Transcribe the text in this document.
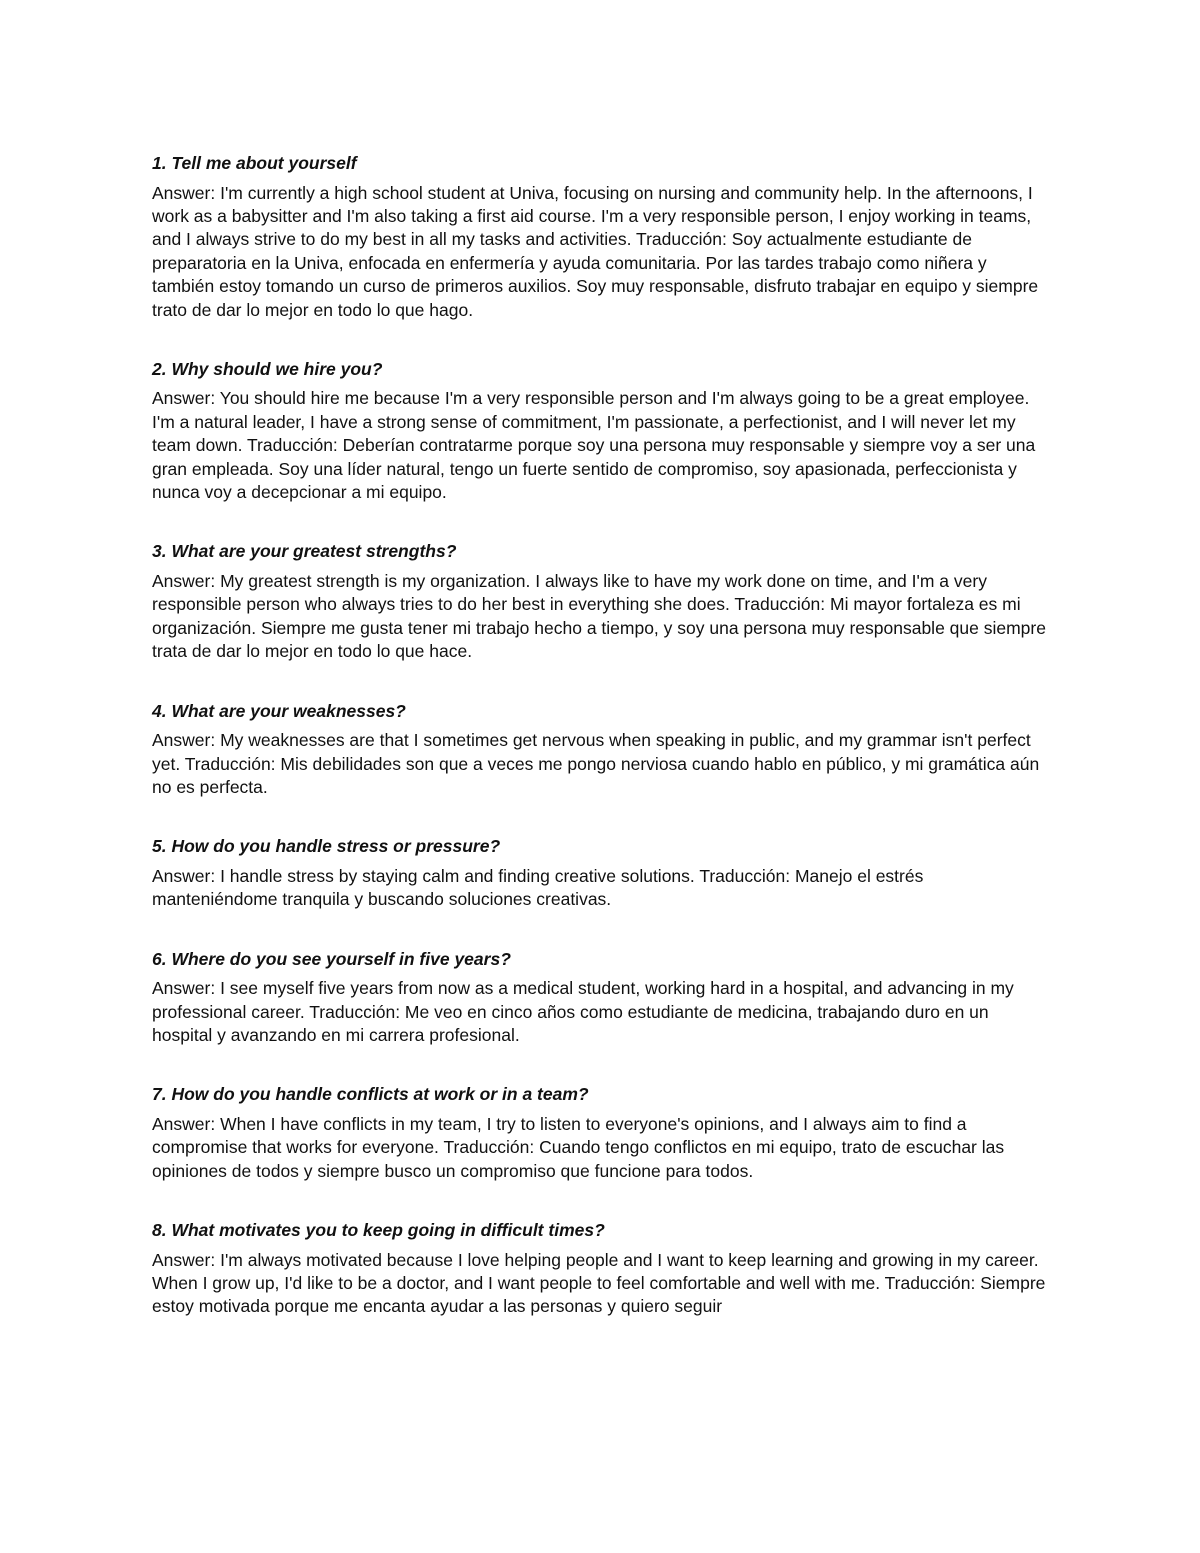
1. Tell me about yourself

Answer: I'm currently a high school student at Univa, focusing on nursing and community help. In the afternoons, I work as a babysitter and I'm also taking a first aid course. I'm a very responsible person, I enjoy working in teams, and I always strive to do my best in all my tasks and activities. Traducción: Soy actualmente estudiante de preparatoria en la Univa, enfocada en enfermería y ayuda comunitaria. Por las tardes trabajo como niñera y también estoy tomando un curso de primeros auxilios. Soy muy responsable, disfruto trabajar en equipo y siempre trato de dar lo mejor en todo lo que hago.

2. Why should we hire you?

Answer: You should hire me because I'm a very responsible person and I'm always going to be a great employee. I'm a natural leader, I have a strong sense of commitment, I'm passionate, a perfectionist, and I will never let my team down. Traducción: Deberían contratarme porque soy una persona muy responsable y siempre voy a ser una gran empleada. Soy una líder natural, tengo un fuerte sentido de compromiso, soy apasionada, perfeccionista y nunca voy a decepcionar a mi equipo.

3. What are your greatest strengths?

Answer: My greatest strength is my organization. I always like to have my work done on time, and I'm a very responsible person who always tries to do her best in everything she does. Traducción: Mi mayor fortaleza es mi organización. Siempre me gusta tener mi trabajo hecho a tiempo, y soy una persona muy responsable que siempre trata de dar lo mejor en todo lo que hace.

4. What are your weaknesses?

Answer: My weaknesses are that I sometimes get nervous when speaking in public, and my grammar isn't perfect yet. Traducción: Mis debilidades son que a veces me pongo nerviosa cuando hablo en público, y mi gramática aún no es perfecta.

5. How do you handle stress or pressure?

Answer: I handle stress by staying calm and finding creative solutions. Traducción: Manejo el estrés manteniéndome tranquila y buscando soluciones creativas.

6. Where do you see yourself in five years?

Answer: I see myself five years from now as a medical student, working hard in a hospital, and advancing in my professional career. Traducción: Me veo en cinco años como estudiante de medicina, trabajando duro en un hospital y avanzando en mi carrera profesional.

7. How do you handle conflicts at work or in a team?

Answer: When I have conflicts in my team, I try to listen to everyone's opinions, and I always aim to find a compromise that works for everyone. Traducción: Cuando tengo conflictos en mi equipo, trato de escuchar las opiniones de todos y siempre busco un compromiso que funcione para todos.

8. What motivates you to keep going in difficult times?

Answer: I'm always motivated because I love helping people and I want to keep learning and growing in my career. When I grow up, I'd like to be a doctor, and I want people to feel comfortable and well with me. Traducción: Siempre estoy motivada porque me encanta ayudar a las personas y quiero seguir
